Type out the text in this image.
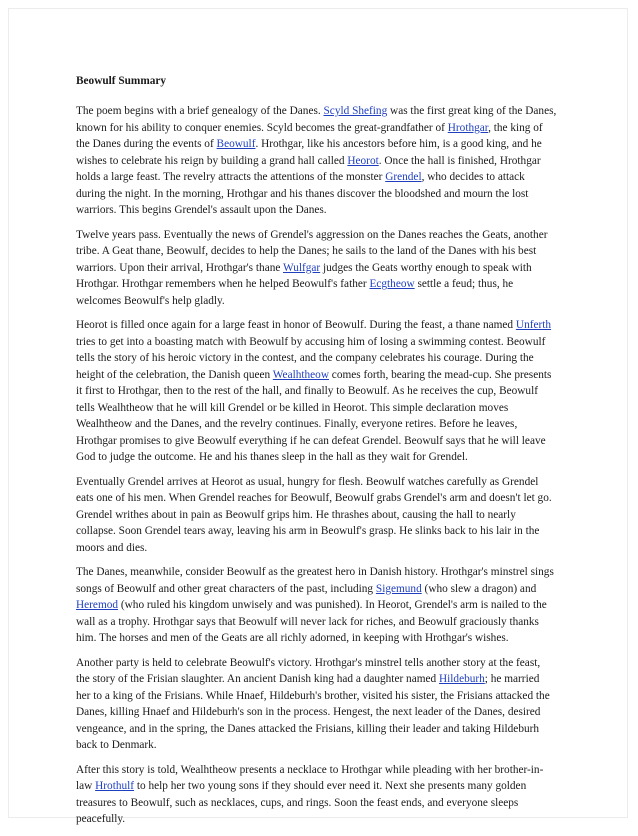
Beowulf Summary
The poem begins with a brief genealogy of the Danes. Scyld Shefing was the first great king of the Danes,
known for his ability to conquer enemies. Scyld becomes the great-grandfather of Hrothgar, the king of
the Danes during the events of Beowulf. Hrothgar, like his ancestors before him, is a good king, and he
wishes to celebrate his reign by building a grand hall called Heorot. Once the hall is finished, Hrothgar
holds a large feast. The revelry attracts the attentions of the monster Grendel, who decides to attack
during the night. In the morning, Hrothgar and his thanes discover the bloodshed and mourn the lost
warriors. This begins Grendel's assault upon the Danes.
Twelve years pass. Eventually the news of Grendel's aggression on the Danes reaches the Geats, another
tribe. A Geat thane, Beowulf, decides to help the Danes; he sails to the land of the Danes with his best
warriors. Upon their arrival, Hrothgar's thane Wulfgar judges the Geats worthy enough to speak with
Hrothgar. Hrothgar remembers when he helped Beowulf's father Ecgtheow settle a feud; thus, he
welcomes Beowulf's help gladly.
Heorot is filled once again for a large feast in honor of Beowulf. During the feast, a thane named Unferth
tries to get into a boasting match with Beowulf by accusing him of losing a swimming contest. Beowulf
tells the story of his heroic victory in the contest, and the company celebrates his courage. During the
height of the celebration, the Danish queen Wealhtheow comes forth, bearing the mead-cup. She presents
it first to Hrothgar, then to the rest of the hall, and finally to Beowulf. As he receives the cup, Beowulf
tells Wealhtheow that he will kill Grendel or be killed in Heorot. This simple declaration moves
Wealhtheow and the Danes, and the revelry continues. Finally, everyone retires. Before he leaves,
Hrothgar promises to give Beowulf everything if he can defeat Grendel. Beowulf says that he will leave
God to judge the outcome. He and his thanes sleep in the hall as they wait for Grendel.
Eventually Grendel arrives at Heorot as usual, hungry for flesh. Beowulf watches carefully as Grendel
eats one of his men. When Grendel reaches for Beowulf, Beowulf grabs Grendel's arm and doesn't let go.
Grendel writhes about in pain as Beowulf grips him. He thrashes about, causing the hall to nearly
collapse. Soon Grendel tears away, leaving his arm in Beowulf's grasp. He slinks back to his lair in the
moors and dies.
The Danes, meanwhile, consider Beowulf as the greatest hero in Danish history. Hrothgar's minstrel sings
songs of Beowulf and other great characters of the past, including Sigemund (who slew a dragon) and
Heremod (who ruled his kingdom unwisely and was punished). In Heorot, Grendel's arm is nailed to the
wall as a trophy. Hrothgar says that Beowulf will never lack for riches, and Beowulf graciously thanks
him. The horses and men of the Geats are all richly adorned, in keeping with Hrothgar's wishes.
Another party is held to celebrate Beowulf's victory. Hrothgar's minstrel tells another story at the feast,
the story of the Frisian slaughter. An ancient Danish king had a daughter named Hildeburh; he married
her to a king of the Frisians. While Hnaef, Hildeburh's brother, visited his sister, the Frisians attacked the
Danes, killing Hnaef and Hildeburh's son in the process. Hengest, the next leader of the Danes, desired
vengeance, and in the spring, the Danes attacked the Frisians, killing their leader and taking Hildeburh
back to Denmark.
After this story is told, Wealhtheow presents a necklace to Hrothgar while pleading with her brother-in-
law Hrothulf to help her two young sons if they should ever need it. Next she presents many golden
treasures to Beowulf, such as necklaces, cups, and rings. Soon the feast ends, and everyone sleeps
peacefully.
